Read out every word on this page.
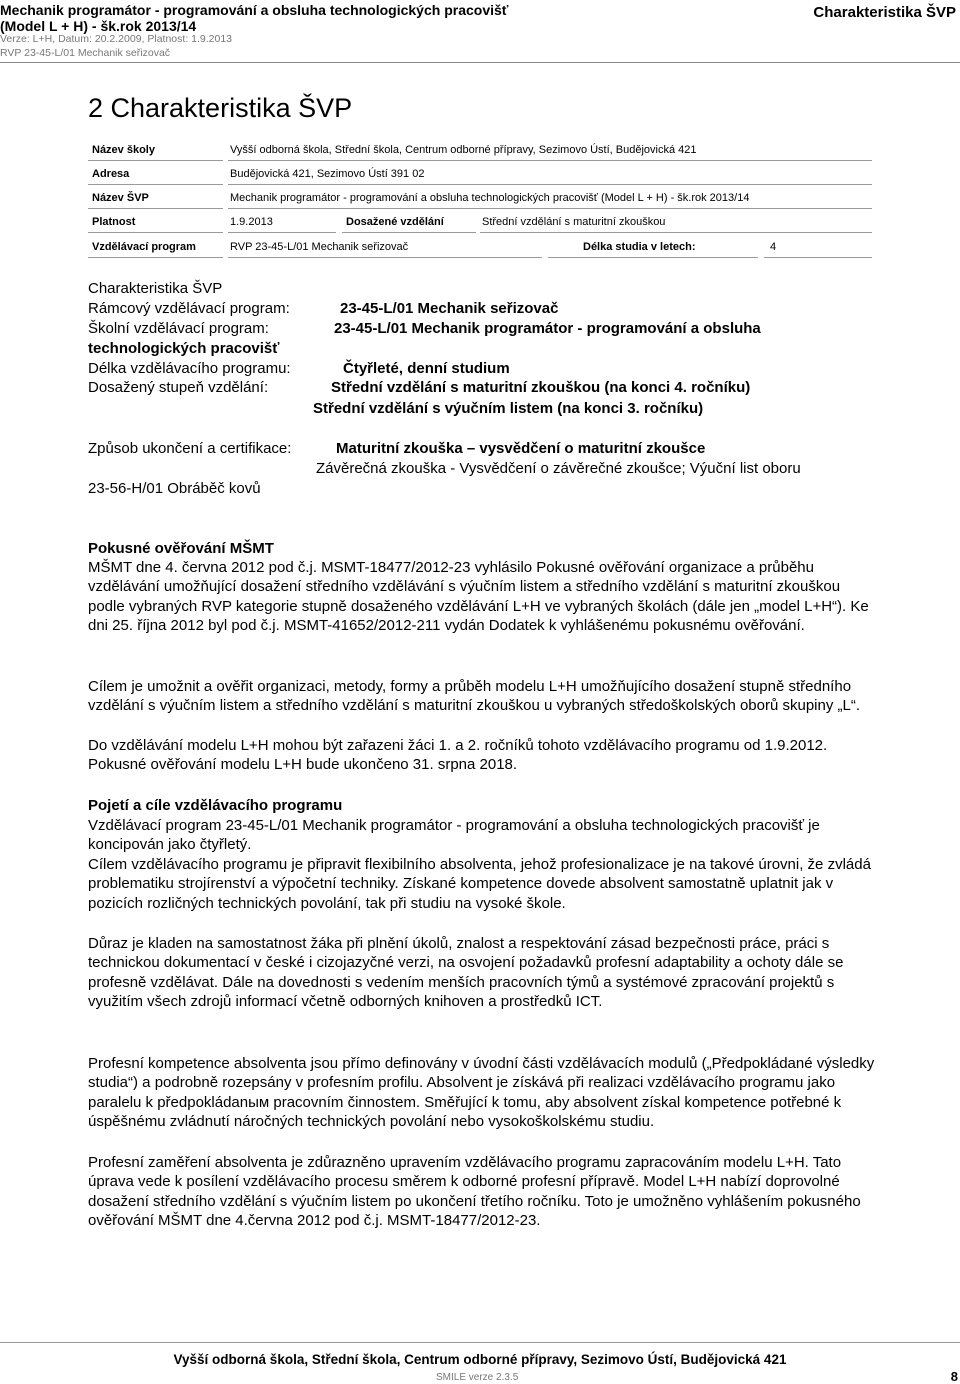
Mechanik programátor - programování a obsluha technologických pracovišť (Model L + H) - šk.rok 2013/14
Verze: L+H, Datum: 20.2.2009, Platnost: 1.9.2013
RVP 23-45-L/01 Mechanik seřizovač
Charakteristika ŠVP
2 Charakteristika ŠVP
Název školy	Vyšší odborná škola, Střední škola, Centrum odborné přípravy, Sezimovo Ústí, Budějovická 421
Adresa	Budějovická 421, Sezimovo Ústí 391 02
Název ŠVP	Mechanik programátor - programování a obsluha technologických pracovišť (Model L + H) - šk.rok 2013/14
Platnost	1.9.2013	Dosažené vzdělání	Střední vzdělání s maturitní zkouškou
Vzdělávací program	RVP 23-45-L/01 Mechanik seřizovač	Délka studia v letech:	4
Charakteristika ŠVP
Rámcový vzdělávací program:	23-45-L/01 Mechanik seřizovač
Školní vzdělávací program:	23-45-L/01 Mechanik programátor - programování a obsluha
technologických pracovišť
Délka vzdělávacího programu:	Čtyřleté, denní studium
Dosažený stupeň vzdělání:	Střední vzdělání s maturitní zkouškou (na konci 4. ročníku)
Střední vzdělání s výučním listem (na konci 3. ročníku)
Způsob ukončení a certifikace:	Maturitní zkouška – vysvědčení o maturitní zkoušce
Závěrečná zkouška - Vysvědčení o závěrečné zkoušce; Výuční list oboru
23-56-H/01 Obráběč kovů
Pokusné ověřování MŠMT

MŠMT dne 4. června 2012 pod č.j. MSMT-18477/2012-23 vyhlásilo Pokusné ověřování organizace a průběhu vzdělávání umožňující dosažení středního vzdělávání s výučním listem a středního vzdělání s maturitní zkouškou podle vybraných RVP kategorie stupně dosaženého vzdělávání L+H ve vybraných školách (dále jen „model L+H“). Ke dni 25. října 2012 byl pod č.j. MSMT-41652/2012-211 vydán Dodatek k vyhlášenému pokusnému ověřování.

Cílem je umožnit a ověřit organizaci, metody, formy a průběh modelu L+H umožňujícího dosažení stupně středního vzdělání s výučním listem a středního vzdělání s maturitní zkouškou u vybraných středoškolských oborů skupiny „L“.

Do vzdělávání modelu L+H mohou být zařazeni žáci 1. a 2. ročníků tohoto vzdělávacího programu od 1.9.2012. Pokusné ověřování modelu L+H bude ukončeno 31. srpna 2018.

Pojetí a cíle vzdělávacího programu

Vzdělávací program 23-45-L/01 Mechanik programátor - programování a obsluha technologických pracovišť je koncipován jako čtyřletý.

Cílem vzdělávacího programu je připravit flexibilního absolventa, jehož profesionalizace je na takové úrovni, že zvládá problematiku strojírenství a výpočetní techniky. Získané kompetence dovede absolvent samostatně uplatnit jak v pozicích rozličných technických povolání, tak při studiu na vysoké škole.

Důraz je kladen na samostatnost žáka při plnění úkolů, znalost a respektování zásad bezpečnosti práce, práci s technickou dokumentací v české i cizojazyčné verzi, na osvojení požadavků profesní adaptability a ochoty dále se profesně vzdělávat. Dále na dovednosti s vedením menších pracovních týmů a systémové zpracování projektů s využitím všech zdrojů informací včetně odborných knihoven a prostředků ICT.

Profesní kompetence absolventa jsou přímo definovány v úvodní části vzdělávacích modulů („Předpokládané výsledky studia“) a podrobně rozepsány v profesním profilu. Absolvent je získává při realizaci vzdělávacího programu jako paralelu k předpokládanым pracovním činnostem. Směřující k tomu, aby absolvent získal kompetence potřebné k úspěšnému zvládnutí náročných technických povolání nebo vysokoškolskému studiu.

Profesní zaměření absolventa je zdůrazněno upravením vzdělávacího programu zapracováním modelu L+H. Tato úprava vede k posílení vzdělávacího procesu směrem k odborné profesní přípravě. Model L+H nabízí doprovolné dosažení středního vzdělání s výučním listem po ukončení třetího ročníku. Toto je umožněno vyhlášením pokusného ověřování MŠMT dne 4.června 2012 pod č.j. MSMT-18477/2012-23.

Vyšší odborná škola, Střední škola, Centrum odborné přípravy, Sezimovo Ústí, Budějovická 421
SMILE verze 2.3.5	8
